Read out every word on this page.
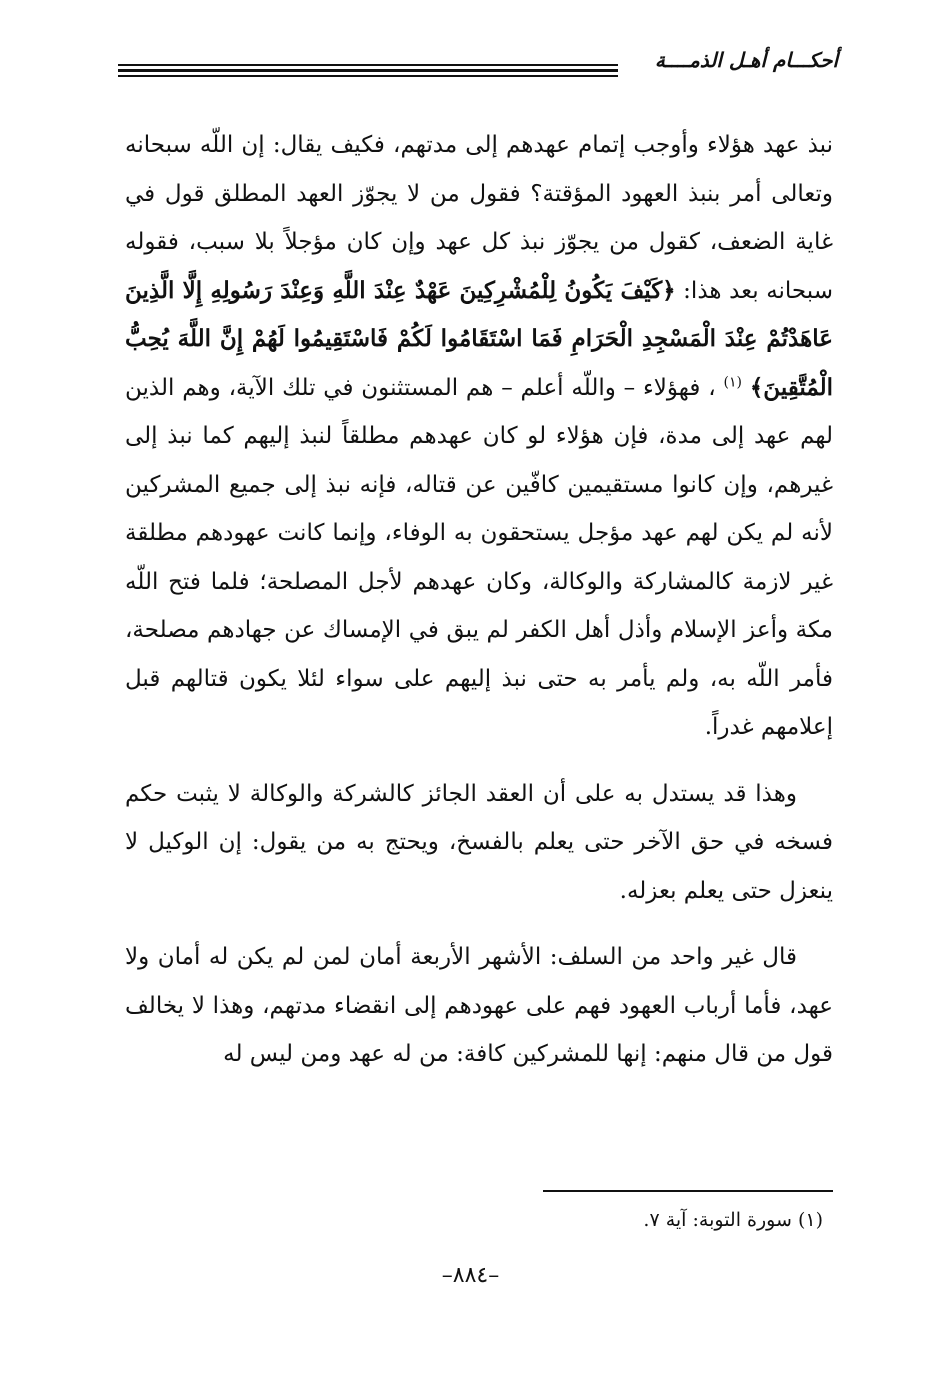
أحكـــام أهـل الذمــــة

نبذ عهد هؤلاء وأوجب إتمام عهدهم إلى مدتهم، فكيف يقال: إن اللّه سبحانه وتعالى أمر بنبذ العهود المؤقتة؟ فقول من لا يجوّز العهد المطلق قول في غاية الضعف، كقول من يجوّز نبذ كل عهد وإن كان مؤجلاً بلا سبب، فقوله سبحانه بعد هذا: ﴿كَيْفَ يَكُونُ لِلْمُشْرِكِينَ عَهْدٌ عِنْدَ اللَّهِ وَعِنْدَ رَسُولِهِ إِلَّا الَّذِينَ عَاهَدْتُمْ عِنْدَ الْمَسْجِدِ الْحَرَامِ فَمَا اسْتَقَامُوا لَكُمْ فَاسْتَقِيمُوا لَهُمْ إِنَّ اللَّهَ يُحِبُّ الْمُتَّقِينَ﴾ $^{(١)}$ ، فهؤلاء – واللّه أعلم – هم المستثنون في تلك الآية، وهم الذين لهم عهد إلى مدة، فإن هؤلاء لو كان عهدهم مطلقاً لنبذ إليهم كما نبذ إلى غيرهم، وإن كانوا مستقيمين كافّين عن قتاله، فإنه نبذ إلى جميع المشركين لأنه لم يكن لهم عهد مؤجل يستحقون به الوفاء، وإنما كانت عهودهم مطلقة غير لازمة كالمشاركة والوكالة، وكان عهدهم لأجل المصلحة؛ فلما فتح اللّه مكة وأعز الإسلام وأذل أهل الكفر لم يبق في الإمساك عن جهادهم مصلحة، فأمر اللّه به، ولم يأمر به حتى نبذ إليهم على سواء لئلا يكون قتالهم قبل إعلامهم غدراً.

وهذا قد يستدل به على أن العقد الجائز كالشركة والوكالة لا يثبت حكم فسخه في حق الآخر حتى يعلم بالفسخ، ويحتج به من يقول: إن الوكيل لا ينعزل حتى يعلم بعزله.

قال غير واحد من السلف: الأشهر الأربعة أمان لمن لم يكن له أمان ولا عهد، فأما أرباب العهود فهم على عهودهم إلى انقضاء مدتهم، وهذا لا يخالف قول من قال منهم: إنها للمشركين كافة: من له عهد ومن ليس له

(١) سورة التوبة: آية ٧.
–٨٨٤–
